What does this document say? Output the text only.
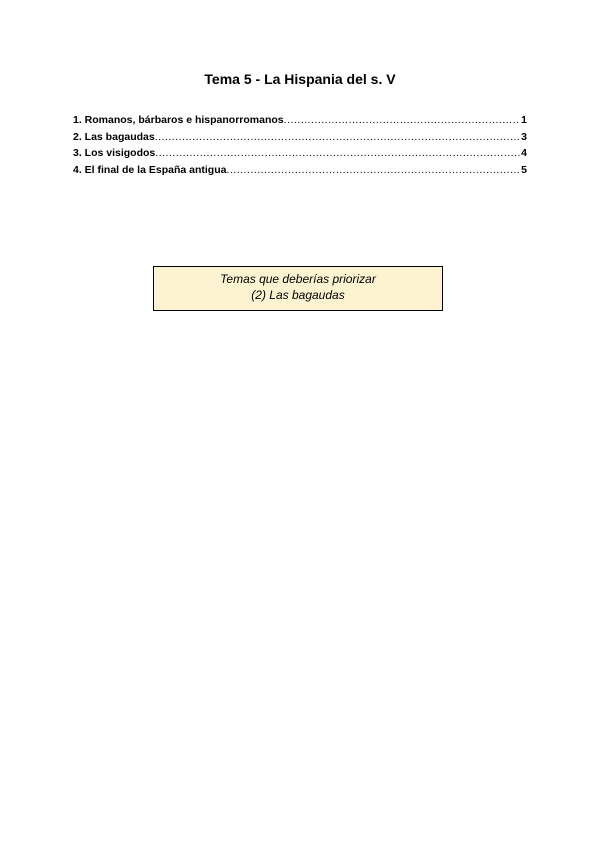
Tema 5 - La Hispania del s. V
1. Romanos, bárbaros e hispanorromanos .....	1
2. Las bagaudas .....	3
3. Los visigodos .....	4
4. El final de la España antigua .....	5
Temas que deberías priorizar
(2) Las bagaudas
